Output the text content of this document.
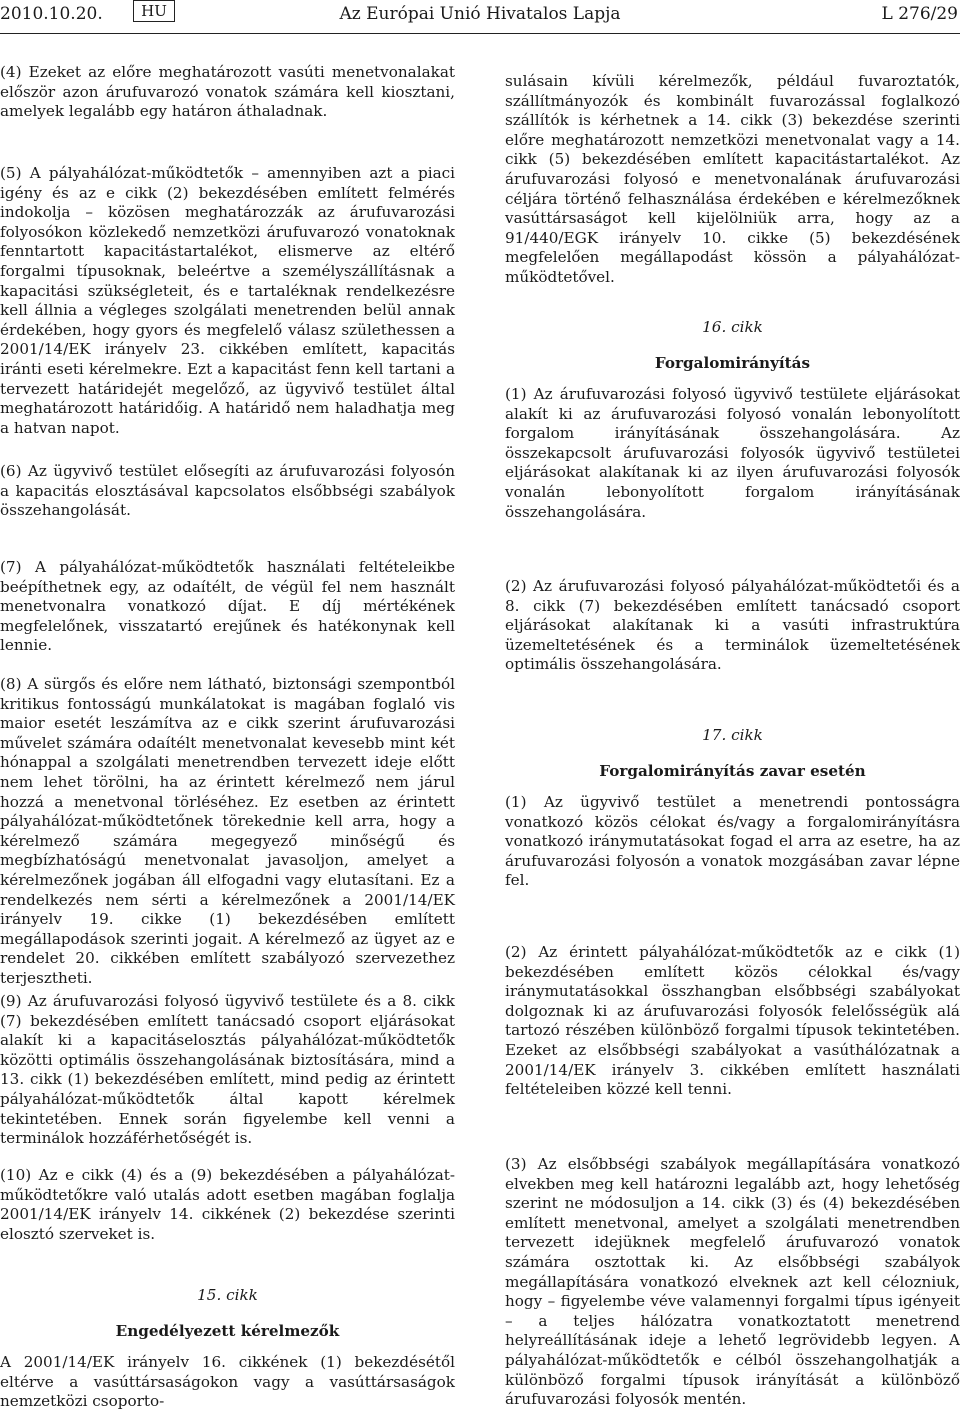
2010.10.20.	HU	Az Európai Unió Hivatalos Lapja	L 276/29

(4) Ezeket az előre meghatározott vasúti menetvonalakat először azon árufuvarozó vonatok számára kell kiosztani, amelyek legalább egy határon áthaladnak.

(5) A pályahálózat-működtetők – amennyiben azt a piaci igény és az e cikk (2) bekezdésében említett felmérés indokolja – közösen meghatározzák az árufuvarozási folyosókon közlekedő nemzetközi árufuvarozó vonatoknak fenntartott kapacitástartalékot, elismerve az eltérő forgalmi típusoknak, beleértve a személyszállításnak a kapacitási szükségleteit, és e tartaléknak rendelkezésre kell állnia a végleges szolgálati menetrenden belül annak érdekében, hogy gyors és megfelelő válasz születhessen a 2001/14/EK irányelv 23. cikkében említett, kapacitás iránti eseti kérelmekre. Ezt a kapacitást fenn kell tartani a tervezett határidejét megelőző, az ügyvivő testület által meghatározott határidőig. A határidő nem haladhatja meg a hatvan napot.

(6) Az ügyvivő testület elősegíti az árufuvarozási folyosón a kapacitás elosztásával kapcsolatos elsőbbségi szabályok összehangolását.

(7) A pályahálózat-működtetők használati feltételeikbe beépíthetnek egy, az odaítélt, de végül fel nem használt menetvonalra vonatkozó díjat. E díj mértékének megfelelőnek, visszatartó erejűnek és hatékonynak kell lennie.

(8) A sürgős és előre nem látható, biztonsági szempontból kritikus fontosságú munkálatokat is magában foglaló vis maior esetét leszámítva az e cikk szerint árufuvarozási művelet számára odaítélt menetvonalat kevesebb mint két hónappal a szolgálati menetrendben tervezett ideje előtt nem lehet törölni, ha az érintett kérelmező nem járul hozzá a menetvonal törléséhez. Ez esetben az érintett pályahálózat-működtetőnek törekednie kell arra, hogy a kérelmező számára megegyező minőségű és megbízhatóságú menetvonalat javasoljon, amelyet a kérelmezőnek jogában áll elfogadni vagy elutasítani. Ez a rendelkezés nem sérti a kérelmezőnek a 2001/14/EK irányelv 19. cikke (1) bekezdésében említett megállapodások szerinti jogait. A kérelmező az ügyet az e rendelet 20. cikkében említett szabályozó szervezethez terjesztheti.

(9) Az árufuvarozási folyosó ügyvivő testülete és a 8. cikk (7) bekezdésében említett tanácsadó csoport eljárásokat alakít ki a kapacitáselosztás pályahálózat-működtetők közötti optimális összehangolásának biztosítására, mind a 13. cikk (1) bekezdésében említett, mind pedig az érintett pályahálózat-működtetők által kapott kérelmek tekintetében. Ennek során figyelembe kell venni a terminálok hozzáférhetőségét is.

(10) Az e cikk (4) és a (9) bekezdésében a pályahálózat-működtetőkre való utalás adott esetben magában foglalja 2001/14/EK irányelv 14. cikkének (2) bekezdése szerinti elosztó szerveket is.

15. cikk

Engedélyezett kérelmezők

A 2001/14/EK irányelv 16. cikkének (1) bekezdésétől eltérve a vasúttársaságokon vagy a vasúttársaságok nemzetközi csoporto-

sulásain kívüli kérelmezők, például fuvaroztatók, szállítmányozók és kombinált fuvarozással foglalkozó szállítók is kérhetnek a 14. cikk (3) bekezdése szerinti előre meghatározott nemzetközi menetvonalat vagy a 14. cikk (5) bekezdésében említett kapacitástartalékot. Az árufuvarozási folyosó e menetvonalának árufuvarozási céljára történő felhasználása érdekében e kérelmezőknek vasúttársaságot kell kijelölniük arra, hogy az a 91/440/EGK irányelv 10. cikke (5) bekezdésének megfelelően megállapodást kössön a pályahálózat-működtetővel.

16. cikk

Forgalomirányítás

(1) Az árufuvarozási folyosó ügyvivő testülete eljárásokat alakít ki az árufuvarozási folyosó vonalán lebonyolított forgalom irányításának összehangolására. Az összekapcsolt árufuvarozási folyosók ügyvivő testületei eljárásokat alakítanak ki az ilyen árufuvarozási folyosók vonalán lebonyolított forgalom irányításának összehangolására.

(2) Az árufuvarozási folyosó pályahálózat-működtetői és a 8. cikk (7) bekezdésében említett tanácsadó csoport eljárásokat alakítanak ki a vasúti infrastruktúra üzemeltetésének és a terminálok üzemeltetésének optimális összehangolására.

17. cikk

Forgalomirányítás zavar esetén

(1) Az ügyvivő testület a menetrendi pontosságra vonatkozó közös célokat és/vagy a forgalomirányításra vonatkozó iránymutatásokat fogad el arra az esetre, ha az árufuvarozási folyosón a vonatok mozgásában zavar lépne fel.

(2) Az érintett pályahálózat-működtetők az e cikk (1) bekezdésében említett közös célokkal és/vagy iránymutatásokkal összhangban elsőbbségi szabályokat dolgoznak ki az árufuvarozási folyosók felelősségük alá tartozó részében különböző forgalmi típusok tekintetében. Ezeket az elsőbbségi szabályokat a vasúthálózatnak a 2001/14/EK irányelv 3. cikkében említett használati feltételeiben közzé kell tenni.

(3) Az elsőbbségi szabályok megállapítására vonatkozó elvekben meg kell határozni legalább azt, hogy lehetőség szerint ne módosuljon a 14. cikk (3) és (4) bekezdésében említett menetvonal, amelyet a szolgálati menetrendben tervezett idejüknek megfelelő árufuvarozó vonatok számára osztottak ki. Az elsőbbségi szabályok megállapítására vonatkozó elveknek azt kell célozniuk, hogy – figyelembe véve valamennyi forgalmi típus igényeit – a teljes hálózatra vonatkoztatott menetrend helyreállításának ideje a lehető legrövidebb legyen. A pályahálózat-működtetők e célból összehangolhatják a különböző forgalmi típusok irányítását a különböző árufuvarozási folyosók mentén.
